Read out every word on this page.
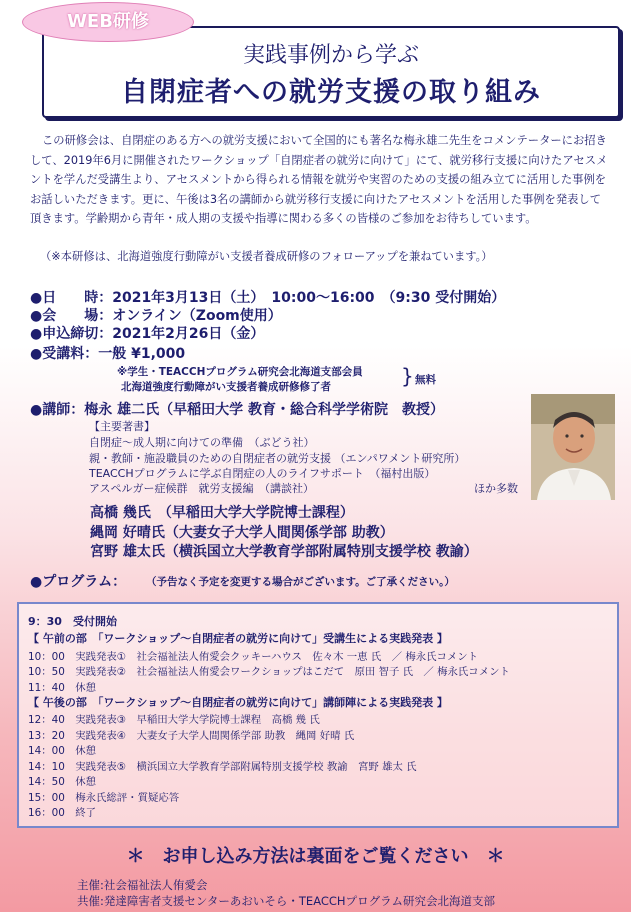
実践事例から学ぶ
自閉症者への就労支援の取り組み
WEB研修
この研修会は、自閉症のある方への就労支援において全国的にも著名な梅永雄二先生をコメンテーターにお招きして、2019年6月に開催されたワークショップ「自閉症者の就労に向けて」にて、就労移行支援に向けたアセスメントを学んだ受講生より、アセスメントから得られる情報を就労や実習のための支援の組み立てに活用した事例をお話しいただきます。更に、午後は3名の講師から就労移行支援に向けたアセスメントを活用した事例を発表して頂きます。学齢期から青年・成人期の支援や指導に関わる多くの皆様のご参加をお待ちしています。
（※本研修は、北海道強度行動障がい支援者養成研修のフォローアップを兼ねています。）
●日　　時：2021年3月13日（土）　10:00～16:00　（9:30 受付開始）
●会　　場：オンライン（Zoom使用）
●申込締切：2021年2月26日（金）
●受講料：一般 ¥1,000
※学生・TEACCHプログラム研究会北海道支部会員
北海道強度行動障がい支援者養成研修修了者	} 無料
●講師：梅永 雄二氏（早稲田大学 教育・総合科学学術院　教授）
【主要著書】
自閉症～成人期に向けての準備　（ぶどう社）
親・教師・施設職員のための自閉症者の就労支援 （エンパワメント研究所）
TEACCHプログラムに学ぶ自閉症の人のライフサポート　（福村出版）
アスペルガー症候群　就労支援編　（講談社）	ほか多数
高橋 幾氏　（早稲田大学大学院博士課程）
縄岡 好晴氏（大妻女子大学人間関係学部 助教）
宮野 雄太氏（横浜国立大学教育学部附属特別支援学校 教諭）
●プログラム： （予告なく予定を変更する場合がございます。ご了承ください。）
9：30　受付開始
【 午前の部　「ワークショップ～自閉症者の就労に向けて」受講生による実践発表 】
10：00　実践発表①　社会福祉法人侑愛会クッキーハウス　佐々木 一恵 氏　／ 梅永氏コメント
10：50　実践発表②　社会福祉法人侑愛会ワークショップはこだて　原田 智子 氏　／ 梅永氏コメント
11：40　休憩
【 午後の部　「ワークショップ～自閉症者の就労に向けて」講師陣による実践発表 】
12：40　実践発表③　早稲田大学大学院博士課程　高橋 幾 氏
13：20　実践発表④　大妻女子大学人間関係学部 助教　縄岡 好晴 氏
14：00　休憩
14：10　実践発表⑤　横浜国立大学教育学部附属特別支援学校 教諭　宮野 雄太 氏
14：50　休憩
15：00　梅永氏総評・質疑応答
16：00　終了
＊　お申し込み方法は裏面をご覧ください　＊
主催:社会福祉法人侑愛会
共催:発達障害者支援センターあおいそら・TEACCHプログラム研究会北海道支部
